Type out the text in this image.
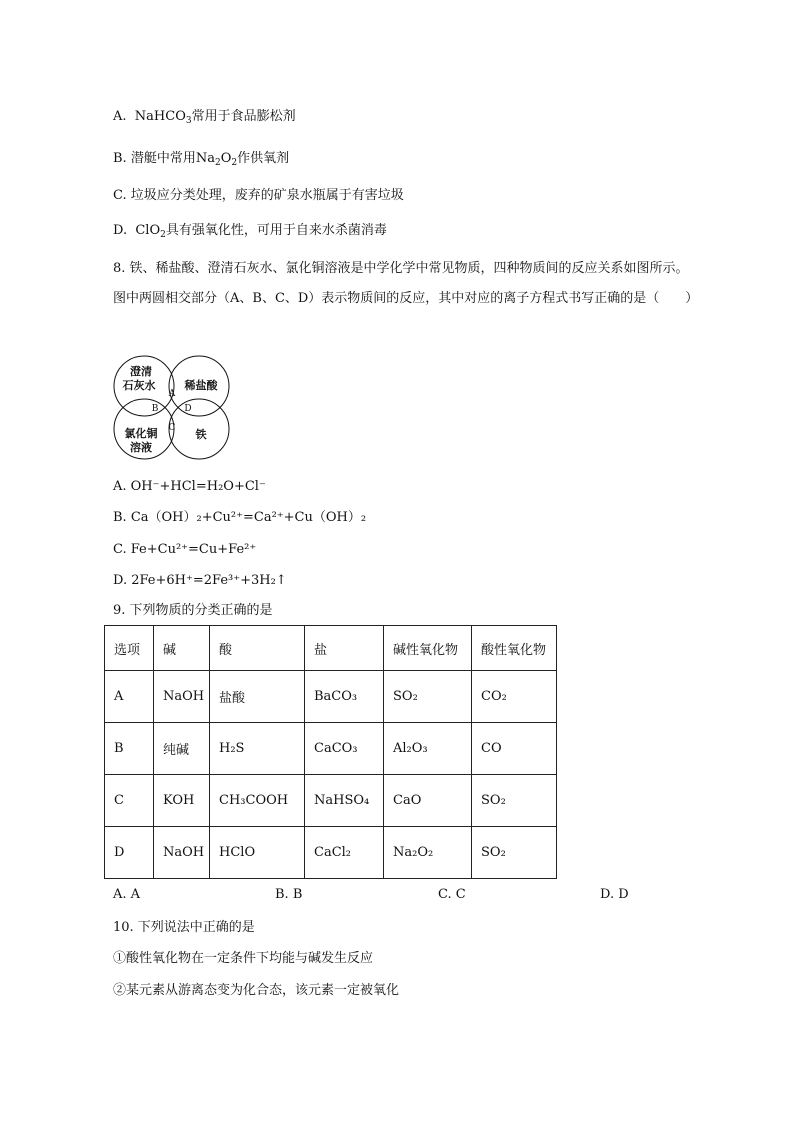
A. NaHCO$_3$常用于食品膨松剂
B. 潜艇中常用$Na_2O_2$作供氧剂
C. 垃圾应分类处理，废弃的矿泉水瓶属于有害垃圾
D. ClO$_2$具有强氧化性，可用于自来水杀菌消毒
8. 铁、稀盐酸、澄清石灰水、氯化铜溶液是中学化学中常见物质，四种物质间的反应关系如图所示。图中两圆相交部分（A、B、C、D）表示物质间的反应，其中对应的离子方程式书写正确的是（　　）
澄清
石灰水	稀盐酸
氯化铜
溶液
铁
A
B
C
D
A. OH⁻+HCl=H₂O+Cl⁻
B. Ca（OH）₂+Cu²⁺=Ca²⁺+Cu（OH）₂
C. Fe+Cu²⁺=Cu+Fe²⁺
D. 2Fe+6H⁺=2Fe³⁺+3H₂↑
9. 下列物质的分类正确的是
选项	碱	酸	盐	碱性氧化物	酸性氧化物
A	NaOH	盐酸	BaCO₃	SO₂	CO₂
B	纯碱	H₂S	CaCO₃	Al₂O₃	CO
C	KOH	CH₃COOH	NaHSO₄	CaO	SO₂
D	NaOH	HClO	CaCl₂	Na₂O₂	SO₂
A. A	B. B	C. C	D. D
10. 下列说法中正确的是
①酸性氧化物在一定条件下均能与碱发生反应
②某元素从游离态变为化合态，该元素一定被氧化
